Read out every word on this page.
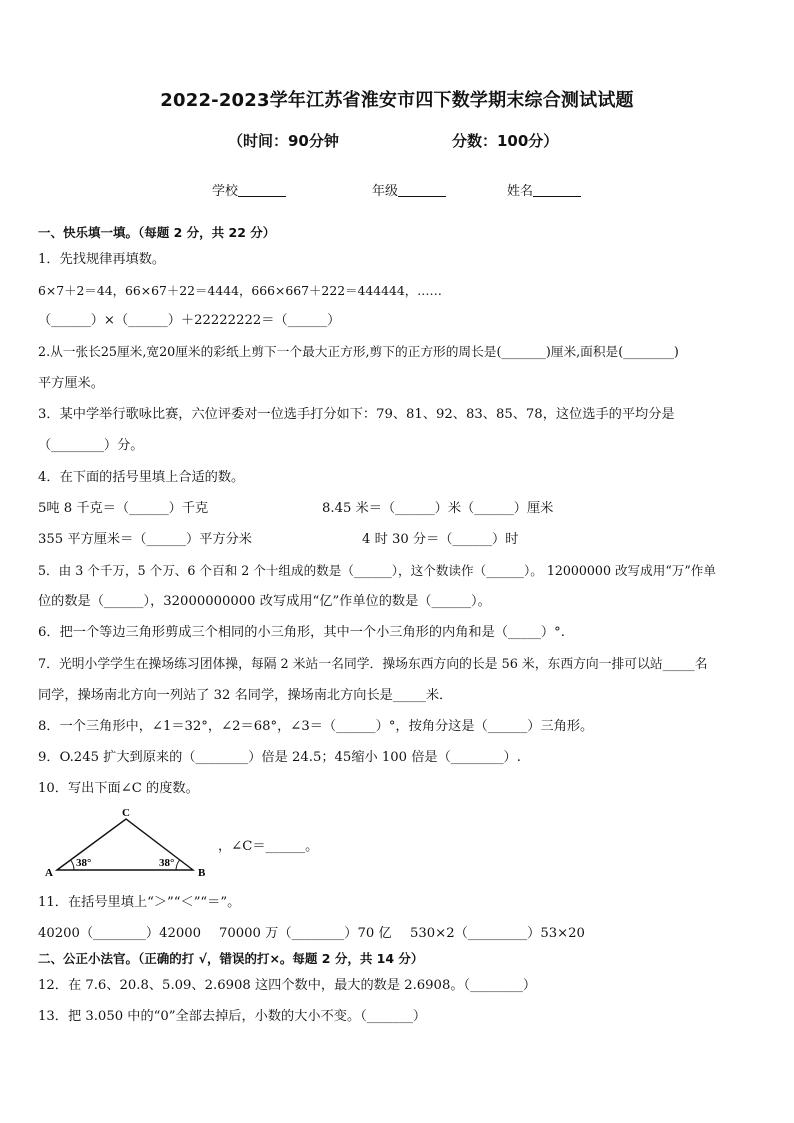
2022-2023学年江苏省淮安市四下数学期末综合测试试题
（时间：90分钟	分数：100分）
学校	年级	姓名
一、快乐填一填。（每题 2 分，共 22 分）
1．先找规律再填数。
6×7＋2＝44，66×67＋22＝4444，666×667＋222＝444444，……
（______）×（______）＋22222222＝（______）
2.从一张长25厘米,宽20厘米的彩纸上剪下一个最大正方形,剪下的正方形的周长是(_______)厘米,面积是(________)
平方厘米。
3．某中学举行歌咏比赛，六位评委对一位选手打分如下：79、81、92、83、85、78，这位选手的平均分是
（________）分。
4．在下面的括号里填上合适的数。
5吨 8 千克＝（______）千克	8.45 米＝（______）米（______）厘米
355 平方厘米＝（______）平方分米	4 时 30 分＝（______）时
5．由 3 个千万，5 个万、6 个百和 2 个十组成的数是（______），这个数读作（______）。 12000000 改写成用“万”作单
位的数是（______），32000000000 改写成用“亿”作单位的数是（______）。
6．把一个等边三角形剪成三个相同的小三角形，其中一个小三角形的内角和是（_____）°.
7．光明小学学生在操场练习团体操，每隔 2 米站一名同学．操场东西方向的长是 56 米，东西方向一排可以站_____名
同学，操场南北方向一列站了 32 名同学，操场南北方向长是_____米．
8．一个三角形中，∠1＝32°，∠2＝68°，∠3＝（______）°，按角分这是（______）三角形。
9．O.245 扩大到原来的（________）倍是 24.5；45缩小 100 倍是（________）.
10．写出下面∠C 的度数。
C
A	B
38°	38°
，∠C＝______。
11．在括号里填上“＞”“＜”“＝”。
40200（________）42000 70000 万（________）70 亿 530×2（_________）53×20
二、公正小法官。（正确的打 √，错误的打×。每题 2 分，共 14 分）
12．在 7.6、20.8、5.09、2.6908 这四个数中，最大的数是 2.6908。（________）
13．把 3.050 中的“0”全部去掉后，小数的大小不变。（_______）
